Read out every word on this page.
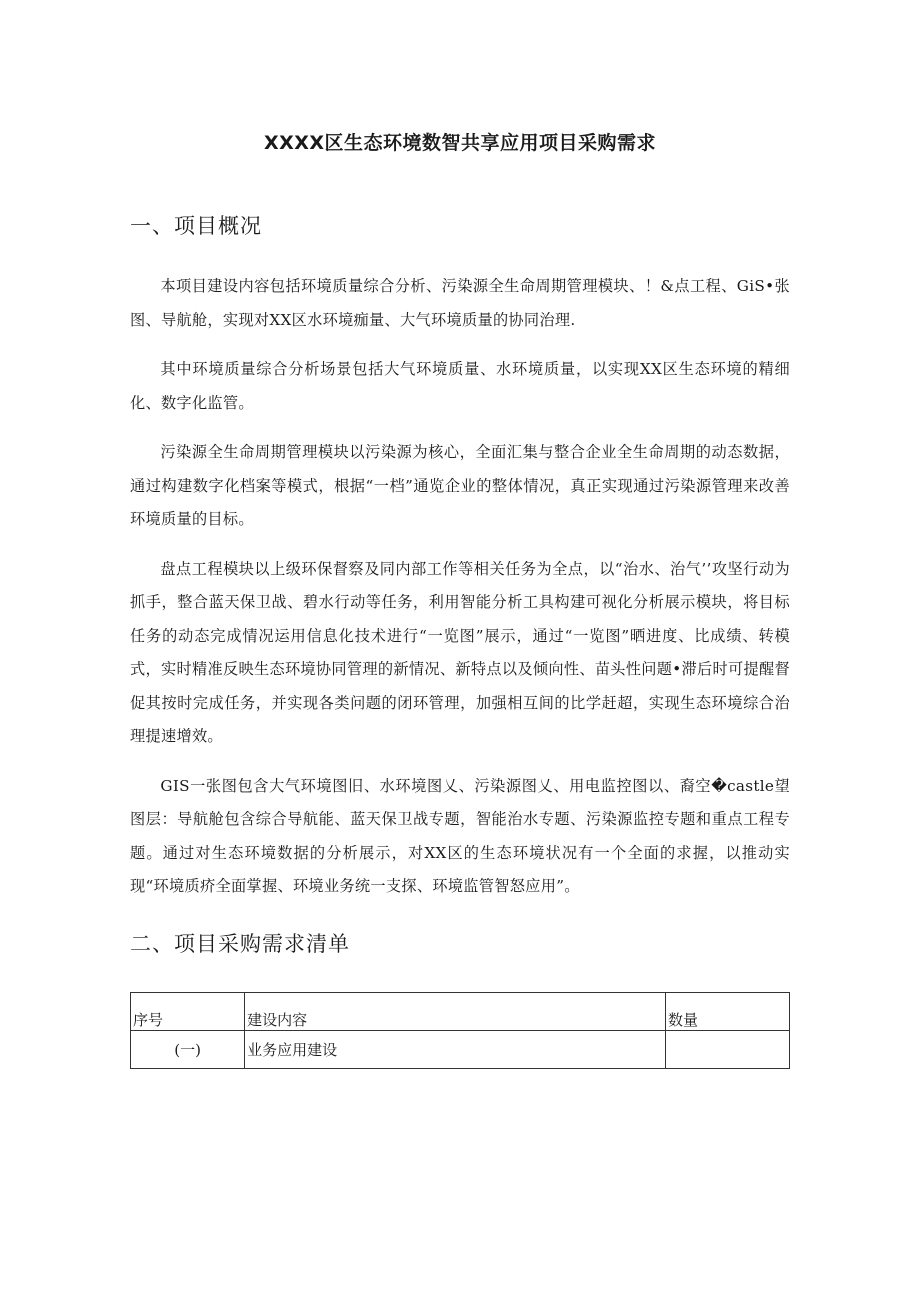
XXXX区生态环境数智共享应用项目采购需求
一、项目概况

本项目建设内容包括环境质量综合分析、污染源全生命周期管理模块、！&点工程、GiS•张图、导航舱，实现对XX区水环境痂量、大气环境质量的协同治理.

其中环境质量综合分析场景包括大气环境质量、水环境质量，以实现XX区生态环境的精细化、数字化监管。

污染源全生命周期管理模块以污染源为核心，全面汇集与整合企业全生命周期的动态数据，通过构建数字化档案等模式，根据“一档”通览企业的整体情况，真正实现通过污染源管理来改善环境质量的目标。

盘点工程模块以上级环保督察及同内部工作等相关任务为全点，以“治水、治气’’攻坚行动为抓手，整合蓝天保卫战、碧水行动等任务，利用智能分析工具构建可视化分析展示模块，将目标任务的动态完成情况运用信息化技术进行“一览图”展示，通过“一览图”晒进度、比成绩、转模式，实时精准反映生态环境协同管理的新情况、新特点以及倾向性、苗头性问题•滞后时可提醒督促其按时完成任务，并实现各类问题的闭环管理，加强相互间的比学赶超，实现生态环境综合治理提速增效。

GIS一张图包含大气环境图旧、水环境图乂、污染源图乂、用电监控图以、裔空�castle望图层：导航舱包含综合导航能、蓝天保卫战专题，智能治水专题、污染源监控专题和重点工程专题。通过对生态环境数据的分析展示，对XX区的生态环境状况有一个全面的求握，以推动实现“环境质疥全面掌握、环境业务统一支探、环境监管智怒应用”。

二、项目采购需求清单
序号	建设内容	数量
(一)	业务应用建设	
